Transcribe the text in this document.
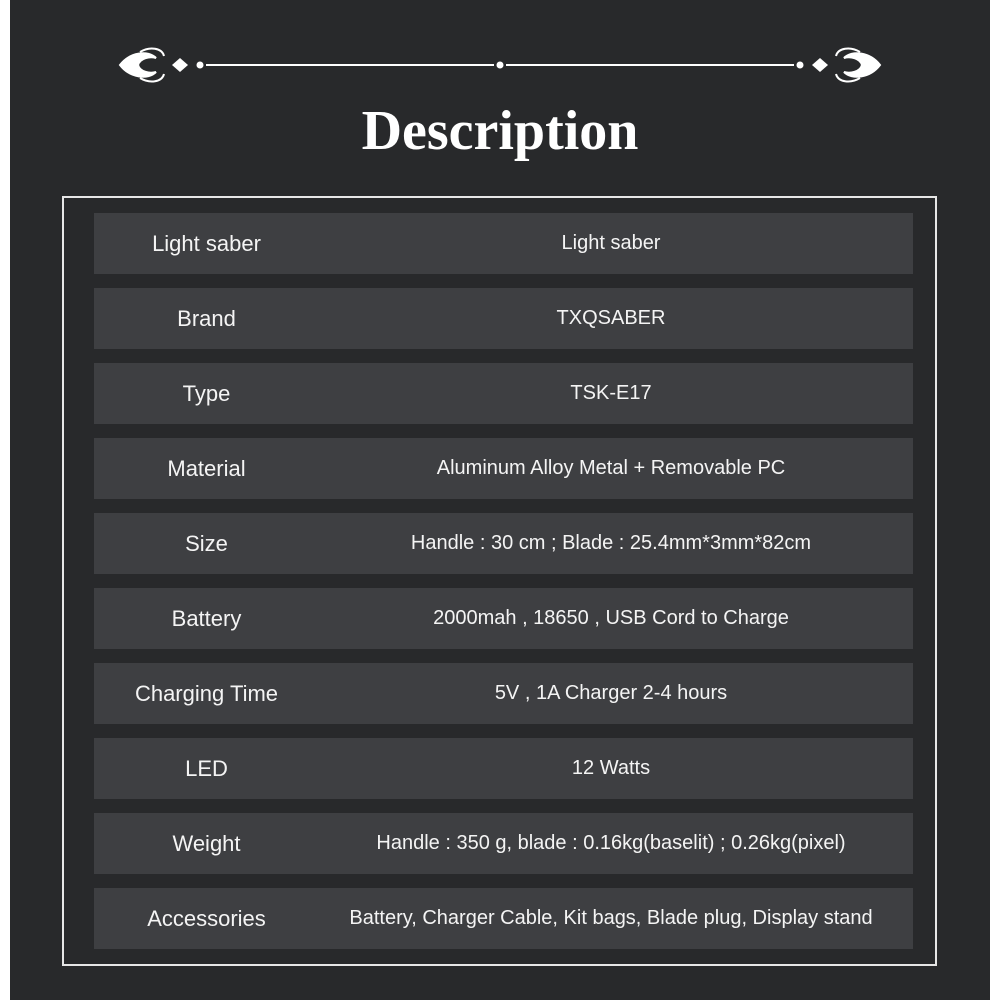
Description
Light saber	Light saber
Brand	TXQSABER
Type	TSK-E17
Material	Aluminum Alloy Metal + Removable PC
Size	Handle : 30 cm ; Blade : 25.4mm*3mm*82cm
Battery	2000mah , 18650 , USB Cord to Charge
Charging Time	5V , 1A Charger 2-4 hours
LED	12 Watts
Weight	Handle : 350 g, blade : 0.16kg(baselit) ; 0.26kg(pixel)
Accessories	Battery, Charger Cable, Kit bags, Blade plug, Display stand
